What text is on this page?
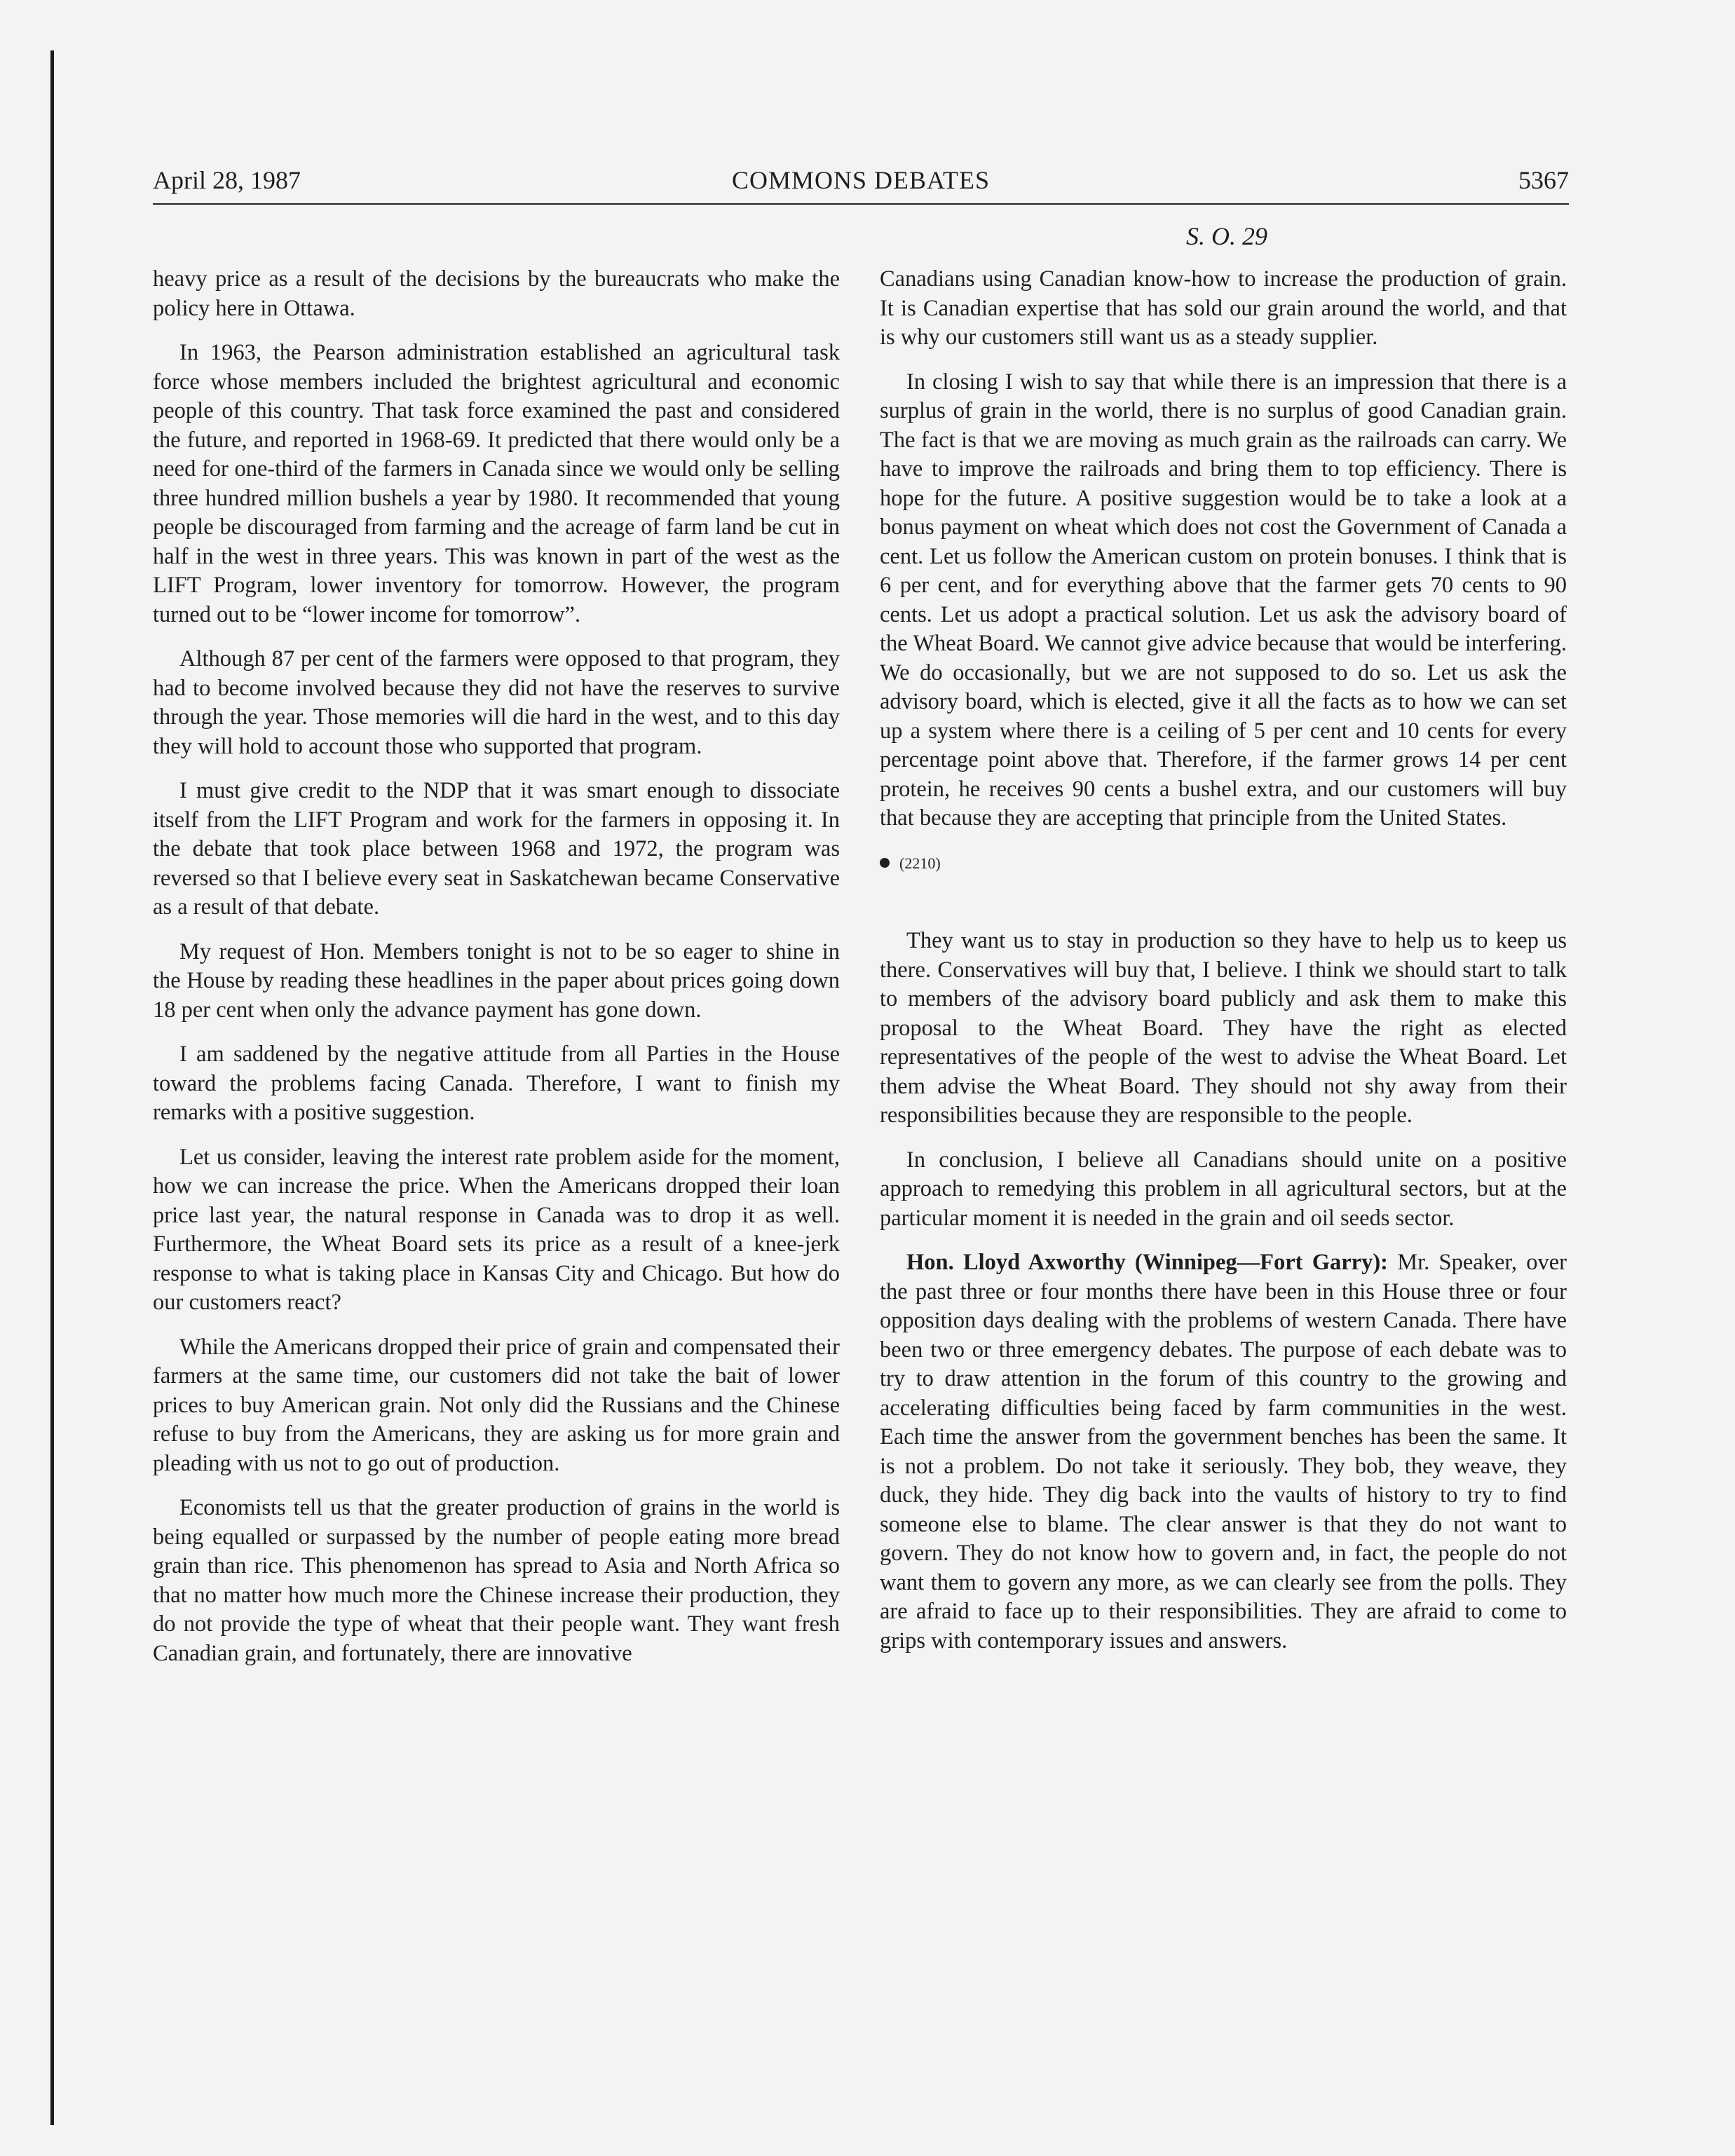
April 28, 1987	COMMONS DEBATES	5367
S. O. 29

heavy price as a result of the decisions by the bureaucrats who make the policy here in Ottawa.

In 1963, the Pearson administration established an agricultural task force whose members included the brightest agricultural and economic people of this country. That task force examined the past and considered the future, and reported in 1968-69. It predicted that there would only be a need for one-third of the farmers in Canada since we would only be selling three hundred million bushels a year by 1980. It recommended that young people be discouraged from farming and the acreage of farm land be cut in half in the west in three years. This was known in part of the west as the LIFT Program, lower inventory for tomorrow. However, the program turned out to be “lower income for tomorrow”.

Although 87 per cent of the farmers were opposed to that program, they had to become involved because they did not have the reserves to survive through the year. Those memories will die hard in the west, and to this day they will hold to account those who supported that program.

I must give credit to the NDP that it was smart enough to dissociate itself from the LIFT Program and work for the farmers in opposing it. In the debate that took place between 1968 and 1972, the program was reversed so that I believe every seat in Saskatchewan became Conservative as a result of that debate.

My request of Hon. Members tonight is not to be so eager to shine in the House by reading these headlines in the paper about prices going down 18 per cent when only the advance payment has gone down.

I am saddened by the negative attitude from all Parties in the House toward the problems facing Canada. Therefore, I want to finish my remarks with a positive suggestion.

Let us consider, leaving the interest rate problem aside for the moment, how we can increase the price. When the Americans dropped their loan price last year, the natural response in Canada was to drop it as well. Furthermore, the Wheat Board sets its price as a result of a knee-jerk response to what is taking place in Kansas City and Chicago. But how do our customers react?

While the Americans dropped their price of grain and compensated their farmers at the same time, our customers did not take the bait of lower prices to buy American grain. Not only did the Russians and the Chinese refuse to buy from the Americans, they are asking us for more grain and pleading with us not to go out of production.

Economists tell us that the greater production of grains in the world is being equalled or surpassed by the number of people eating more bread grain than rice. This phenomenon has spread to Asia and North Africa so that no matter how much more the Chinese increase their production, they do not provide the type of wheat that their people want. They want fresh Canadian grain, and fortunately, there are innovative

Canadians using Canadian know-how to increase the production of grain. It is Canadian expertise that has sold our grain around the world, and that is why our customers still want us as a steady supplier.

In closing I wish to say that while there is an impression that there is a surplus of grain in the world, there is no surplus of good Canadian grain. The fact is that we are moving as much grain as the railroads can carry. We have to improve the railroads and bring them to top efficiency. There is hope for the future. A positive suggestion would be to take a look at a bonus payment on wheat which does not cost the Government of Canada a cent. Let us follow the American custom on protein bonuses. I think that is 6 per cent, and for everything above that the farmer gets 70 cents to 90 cents. Let us adopt a practical solution. Let us ask the advisory board of the Wheat Board. We cannot give advice because that would be interfering. We do occasionally, but we are not supposed to do so. Let us ask the advisory board, which is elected, give it all the facts as to how we can set up a system where there is a ceiling of 5 per cent and 10 cents for every percentage point above that. Therefore, if the farmer grows 14 per cent protein, he receives 90 cents a bushel extra, and our customers will buy that because they are accepting that principle from the United States.

(2210)

They want us to stay in production so they have to help us to keep us there. Conservatives will buy that, I believe. I think we should start to talk to members of the advisory board publicly and ask them to make this proposal to the Wheat Board. They have the right as elected representatives of the people of the west to advise the Wheat Board. Let them advise the Wheat Board. They should not shy away from their responsibilities because they are responsible to the people.

In conclusion, I believe all Canadians should unite on a positive approach to remedying this problem in all agricultural sectors, but at the particular moment it is needed in the grain and oil seeds sector.

Hon. Lloyd Axworthy (Winnipeg—Fort Garry): Mr. Speaker, over the past three or four months there have been in this House three or four opposition days dealing with the problems of western Canada. There have been two or three emergency debates. The purpose of each debate was to try to draw attention in the forum of this country to the growing and accelerating difficulties being faced by farm communities in the west. Each time the answer from the government benches has been the same. It is not a problem. Do not take it seriously. They bob, they weave, they duck, they hide. They dig back into the vaults of history to try to find someone else to blame. The clear answer is that they do not want to govern. They do not know how to govern and, in fact, the people do not want them to govern any more, as we can clearly see from the polls. They are afraid to face up to their responsibilities. They are afraid to come to grips with contemporary issues and answers.
